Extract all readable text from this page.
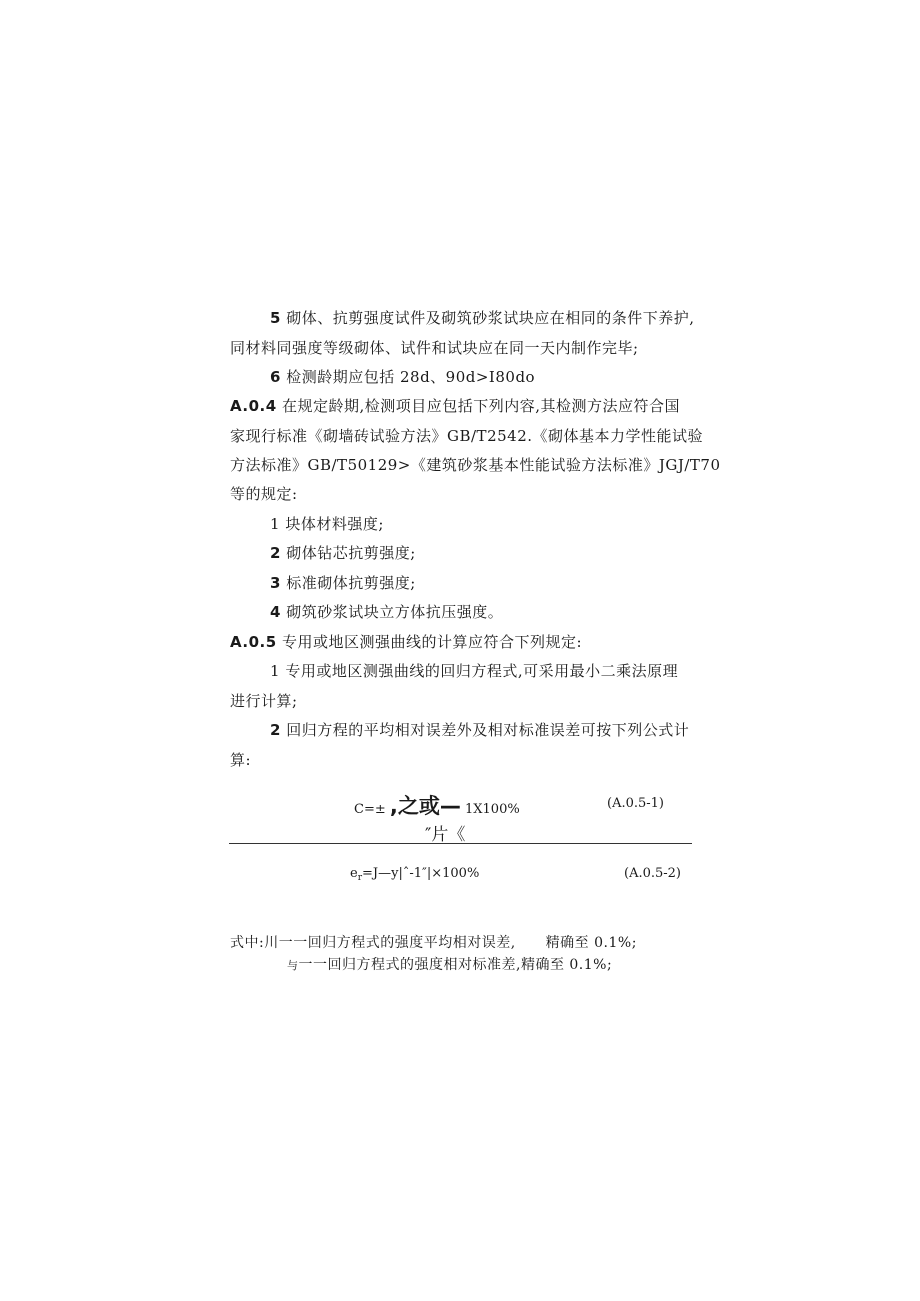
5 砌体、抗剪强度试件及砌筑砂浆试块应在相同的条件下养护,
同材料同强度等级砌体、试件和试块应在同一天内制作完毕;
6 检测龄期应包括 28d、90d>I80do
A.0.4 在规定龄期,检测项目应包括下列内容,其检测方法应符合国
家现行标准《砌墙砖试验方法》GB/T2542.《砌体基本力学性能试验
方法标准》GB/T50129>《建筑砂浆基本性能试验方法标准》JGJ/T70
等的规定:
1 块体材料强度;
2 砌体钻芯抗剪强度;
3 标准砌体抗剪强度;
4 砌筑砂浆试块立方体抗压强度。
A.0.5 专用或地区测强曲线的计算应符合下列规定:
1 专用或地区测强曲线的回归方程式,可采用最小二乘法原理
进行计算;
2 回归方程的平均相对误差外及相对标准误差可按下列公式计
算:
C=± ,之或— 1X100%	(A.0.5-1)
″片《
$e_r=J—y|ˆ-1''|\times 100\%$	(A.0.5-2)
式中:川一一回归方程式的强度平均相对误差, 精确至 0.1%;
与一一回归方程式的强度相对标准差,精确至 0.1%;
